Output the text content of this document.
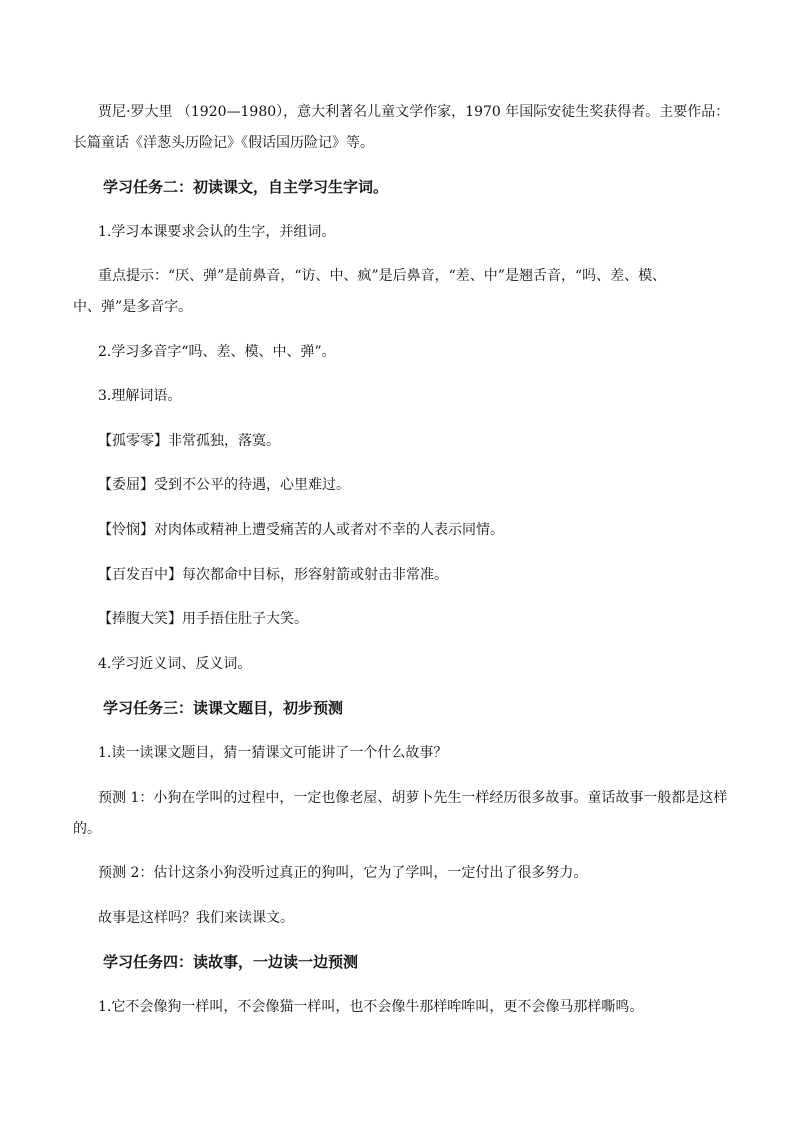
贾尼·罗大里 （1920—1980），意大利著名儿童文学作家，1970 年国际安徒生奖获得者。主要作品：
长篇童话《洋葱头历险记》《假话国历险记》等。
学习任务二：初读课文，自主学习生字词。
1.学习本课要求会认的生字，并组词。
重点提示：“厌、弹”是前鼻音，“访、中、疯”是后鼻音，“差、中”是翘舌音，“吗、差、模、
中、弹”是多音字。
2.学习多音字“吗、差、模、中、弹”。
3.理解词语。
【孤零零】非常孤独，落寞。
【委屈】受到不公平的待遇，心里难过。
【怜悯】对肉体或精神上遭受痛苦的人或者对不幸的人表示同情。
【百发百中】每次都命中目标，形容射箭或射击非常准。
【捧腹大笑】用手捂住肚子大笑。
4.学习近义词、反义词。
学习任务三：读课文题目，初步预测
1.读一读课文题目，猜一猜课文可能讲了一个什么故事？
预测 1：小狗在学叫的过程中，一定也像老屋、胡萝卜先生一样经历很多故事。童话故事一般都是这样
的。
预测 2：估计这条小狗没听过真正的狗叫，它为了学叫，一定付出了很多努力。
故事是这样吗？我们来读课文。
学习任务四：读故事，一边读一边预测
1.它不会像狗一样叫，不会像猫一样叫，也不会像牛那样哞哞叫，更不会像马那样嘶鸣。
